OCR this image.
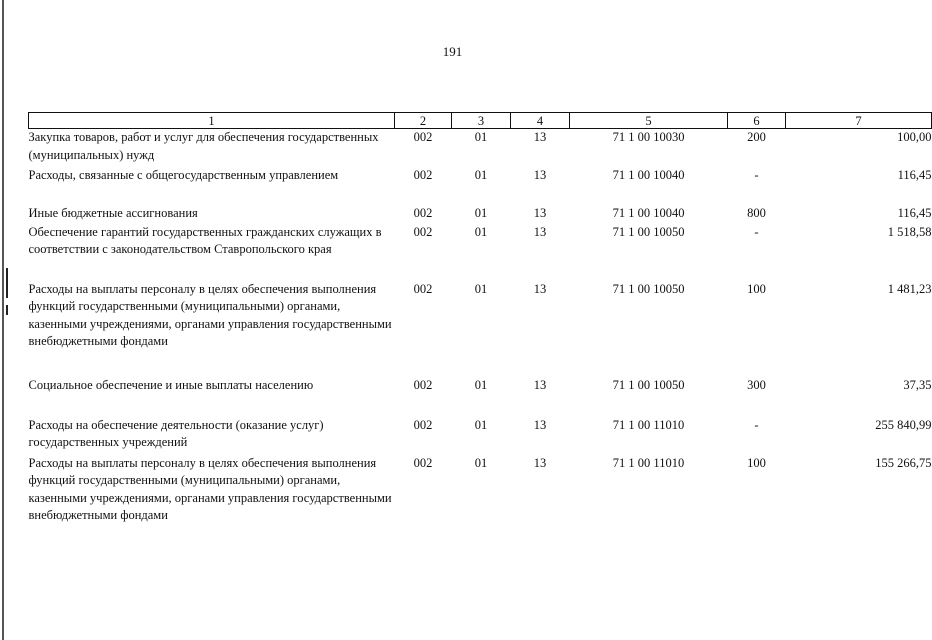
191
1	2	3	4	5	6	7
Закупка товаров, работ и услуг для обеспечения государственных (муниципальных) нужд	002	01	13	71 1 00 10030	200	100,00
Расходы, связанные с общегосударственным управлением	002	01	13	71 1 00 10040	-	116,45
Иные бюджетные ассигнования	002	01	13	71 1 00 10040	800	116,45
Обеспечение гарантий государственных гражданских служащих в соответствии с законодательством Ставропольского края	002	01	13	71 1 00 10050	-	1 518,58
Расходы на выплаты персоналу в целях обеспечения выполнения функций государственными (муниципальными) органами, казенными учреждениями, органами управления государственными внебюджетными фондами	002	01	13	71 1 00 10050	100	1 481,23
Социальное обеспечение и иные выплаты населению	002	01	13	71 1 00 10050	300	37,35
Расходы на обеспечение деятельности (оказание услуг) государственных учреждений	002	01	13	71 1 00 11010	-	255 840,99
Расходы на выплаты персоналу в целях обеспечения выполнения функций государственными (муниципальными) органами, казенными учреждениями, органами управления государственными внебюджетными фондами	002	01	13	71 1 00 11010	100	155 266,75
